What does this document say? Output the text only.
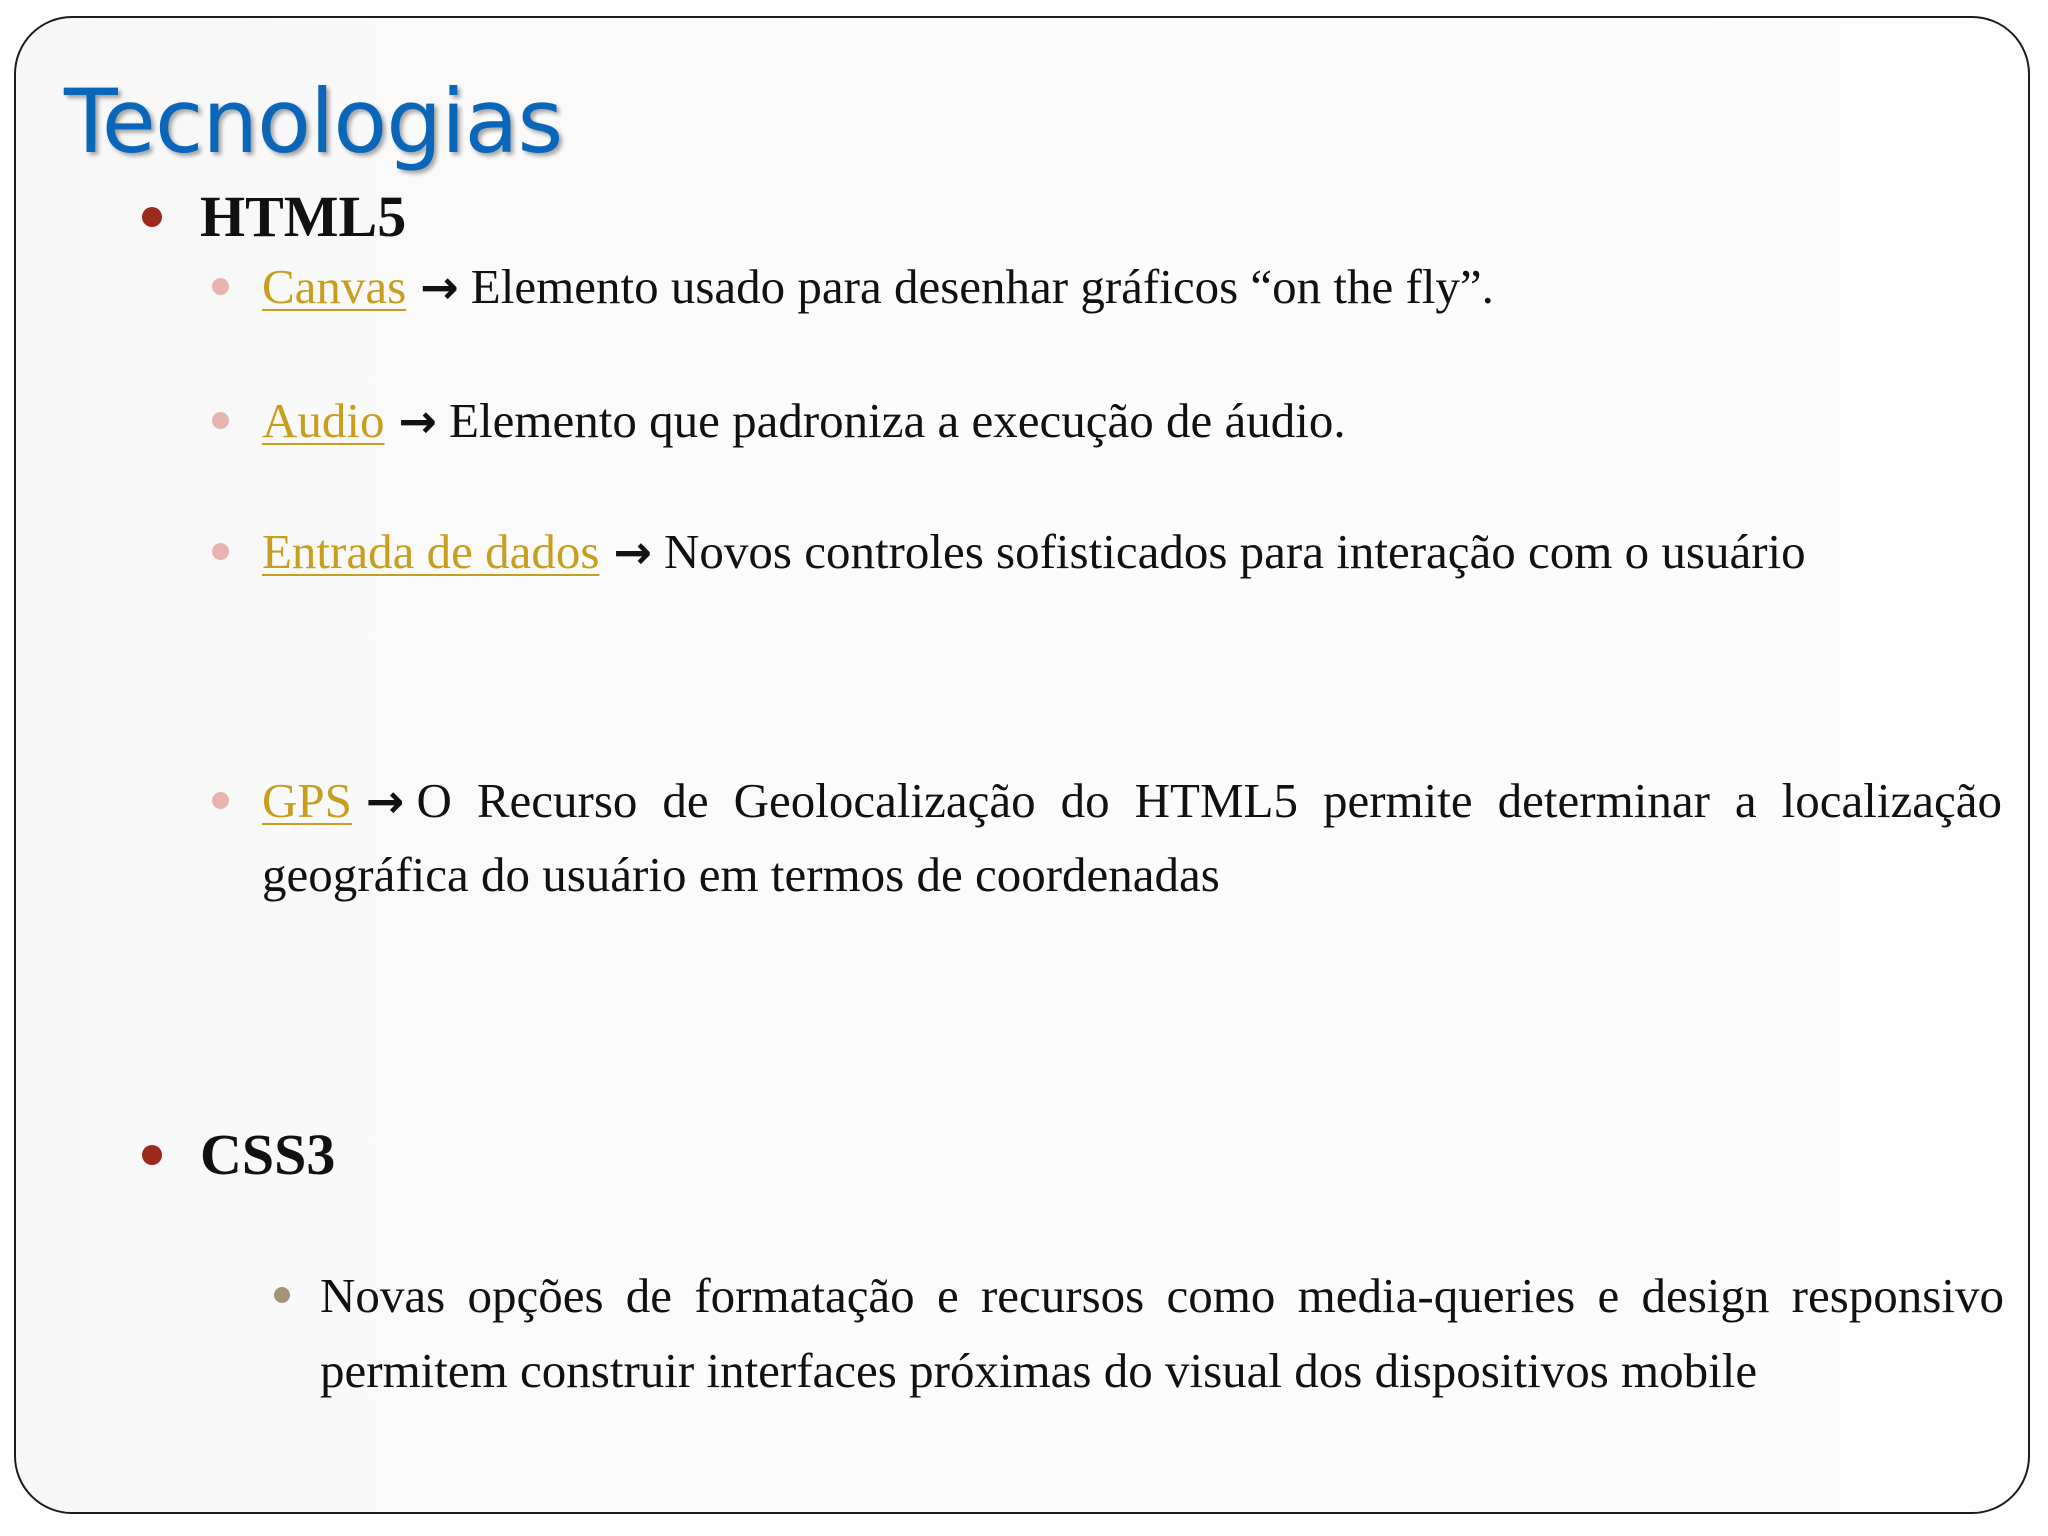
Tecnologias
HTML5
Canvas → Elemento usado para desenhar gráficos “on the fly”.
Audio → Elemento que padroniza a execução de áudio.
Entrada de dados → Novos controles sofisticados para interação com o usuário
GPS → O Recurso de Geolocalização do HTML5 permite determinar a localização geográfica do usuário em termos de coordenadas
CSS3
Novas opções de formatação e recursos como media-queries e design responsivo permitem construir interfaces próximas do visual dos dispositivos mobile
